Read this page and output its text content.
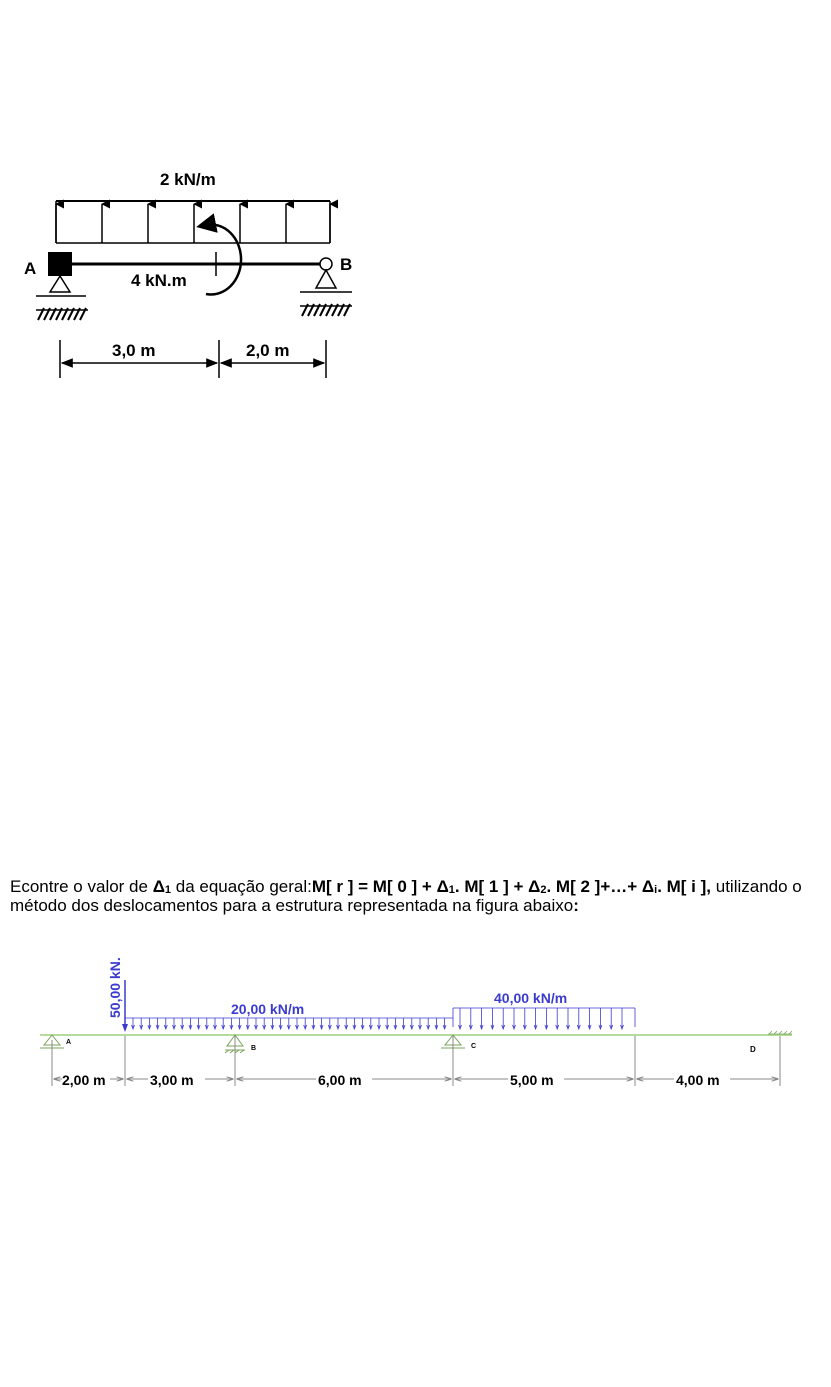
2 kN/m
A	B
4 kN.m
3,0 m	2,0 m
Econtre o valor de $\Delta_1$ da equação geral:M[ r ] = M[ 0 ] + $\Delta_1$. M[ 1 ] + $\Delta_2$. M[ 2 ]+…+ $\Delta_i$. M[ i ], utilizando o método dos deslocamentos para a estrutura representada na figura abaixo:
50,00 kN.	20,00 kN/m
40,00 kN/m
A
B	C	D
2,00 m	3,00 m	6,00 m	5,00 m	4,00 m
